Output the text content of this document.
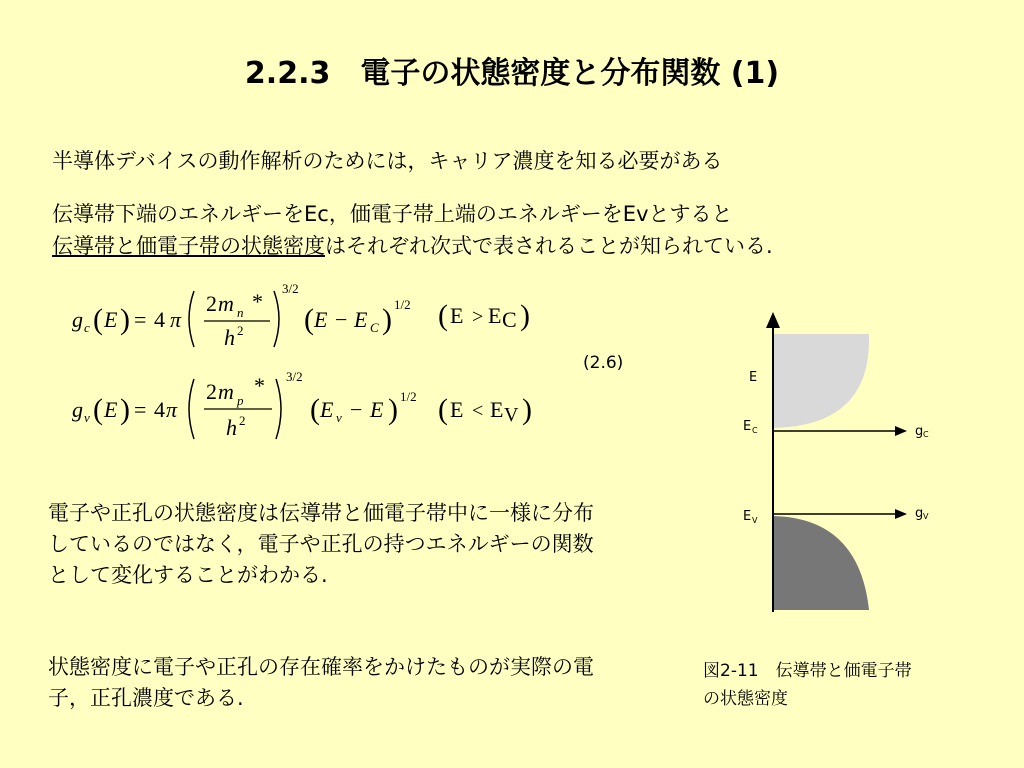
2.2.3　電子の状態密度と分布関数 (1)
半導体デバイスの動作解析のためには，キャリア濃度を知る必要がある
伝導帯下端のエネルギーをEc，価電子帯上端のエネルギーをEvとすると
伝導帯と価電子帯の状態密度はそれぞれ次式で表されることが知られている.
g c ( E ) = 4 π
2 m n *
h 2
3/2
( E − E C ) 1/2 ( E > E C )
g v ( E ) = 4 π
2 m p
*
h 2
3/2
( E v − E ) 1/2 ( E < E V )
(2.6)
電子や正孔の状態密度は伝導帯と価電子帯中に一様に分布しているのではなく，電子や正孔の持つエネルギーの関数として変化することがわかる.
状態密度に電子や正孔の存在確率をかけたものが実際の電子，正孔濃度である.
E
E C
E V
g C
g V
図2-11　伝導帯と価電子帯
の状態密度
